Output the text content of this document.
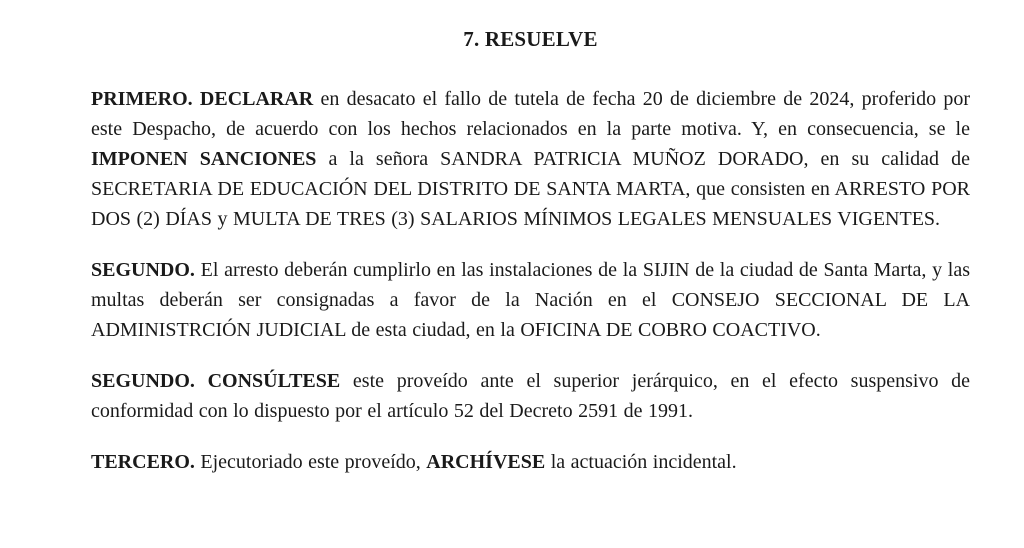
7. RESUELVE

PRIMERO. DECLARAR en desacato el fallo de tutela de fecha 20 de diciembre de 2024, proferido por este Despacho, de acuerdo con los hechos relacionados en la parte motiva. Y, en consecuencia, se le IMPONEN SANCIONES a la señora SANDRA PATRICIA MUÑOZ DORADO, en su calidad de SECRETARIA DE EDUCACIÓN DEL DISTRITO DE SANTA MARTA, que consisten en ARRESTO POR DOS (2) DÍAS y MULTA DE TRES (3) SALARIOS MÍNIMOS LEGALES MENSUALES VIGENTES.

SEGUNDO. El arresto deberán cumplirlo en las instalaciones de la SIJIN de la ciudad de Santa Marta, y las multas deberán ser consignadas a favor de la Nación en el CONSEJO SECCIONAL DE LA ADMINISTRCIÓN JUDICIAL de esta ciudad, en la OFICINA DE COBRO COACTIVO.

SEGUNDO. CONSÚLTESE este proveído ante el superior jerárquico, en el efecto suspensivo de conformidad con lo dispuesto por el artículo 52 del Decreto 2591 de 1991.

TERCERO. Ejecutoriado este proveído, ARCHÍVESE la actuación incidental.
